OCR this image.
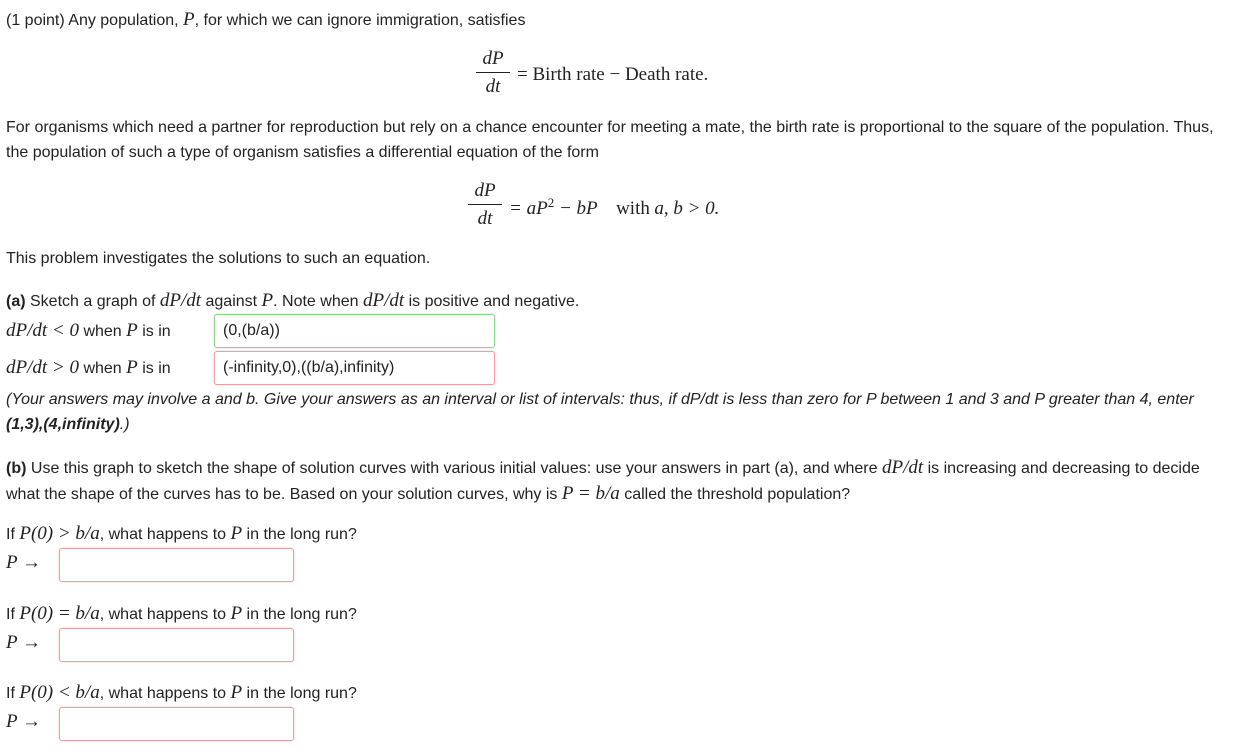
(1 point) Any population, P, for which we can ignore immigration, satisfies
dP
dt
= Birth rate − Death rate.
For organisms which need a partner for reproduction but rely on a chance encounter for meeting a mate, the birth rate is proportional to the square of the population. Thus, the population of such a type of organism satisfies a differential equation of the form
dP
dt = $aP^2$ − bP with a, b > 0.
This problem investigates the solutions to such an equation.
(a) Sketch a graph of dP/dt against P. Note when dP/dt is positive and negative.
dP/dt < 0 when P is in
(0,(b/a))
dP/dt > 0 when P is in
(-infinity,0),((b/a),infinity)
(Your answers may involve a and b. Give your answers as an interval or list of intervals: thus, if dP/dt is less than zero for P between 1 and 3 and P greater than 4, enter (1,3),(4,infinity).)
(b) Use this graph to sketch the shape of solution curves with various initial values: use your answers in part (a), and where dP/dt is increasing and decreasing to decide what the shape of the curves has to be. Based on your solution curves, why is P = b/a called the threshold population?
If P(0) > b/a, what happens to P in the long run?
P →
If P(0) = b/a, what happens to P in the long run?
P →
If P(0) < b/a, what happens to P in the long run?
P →
